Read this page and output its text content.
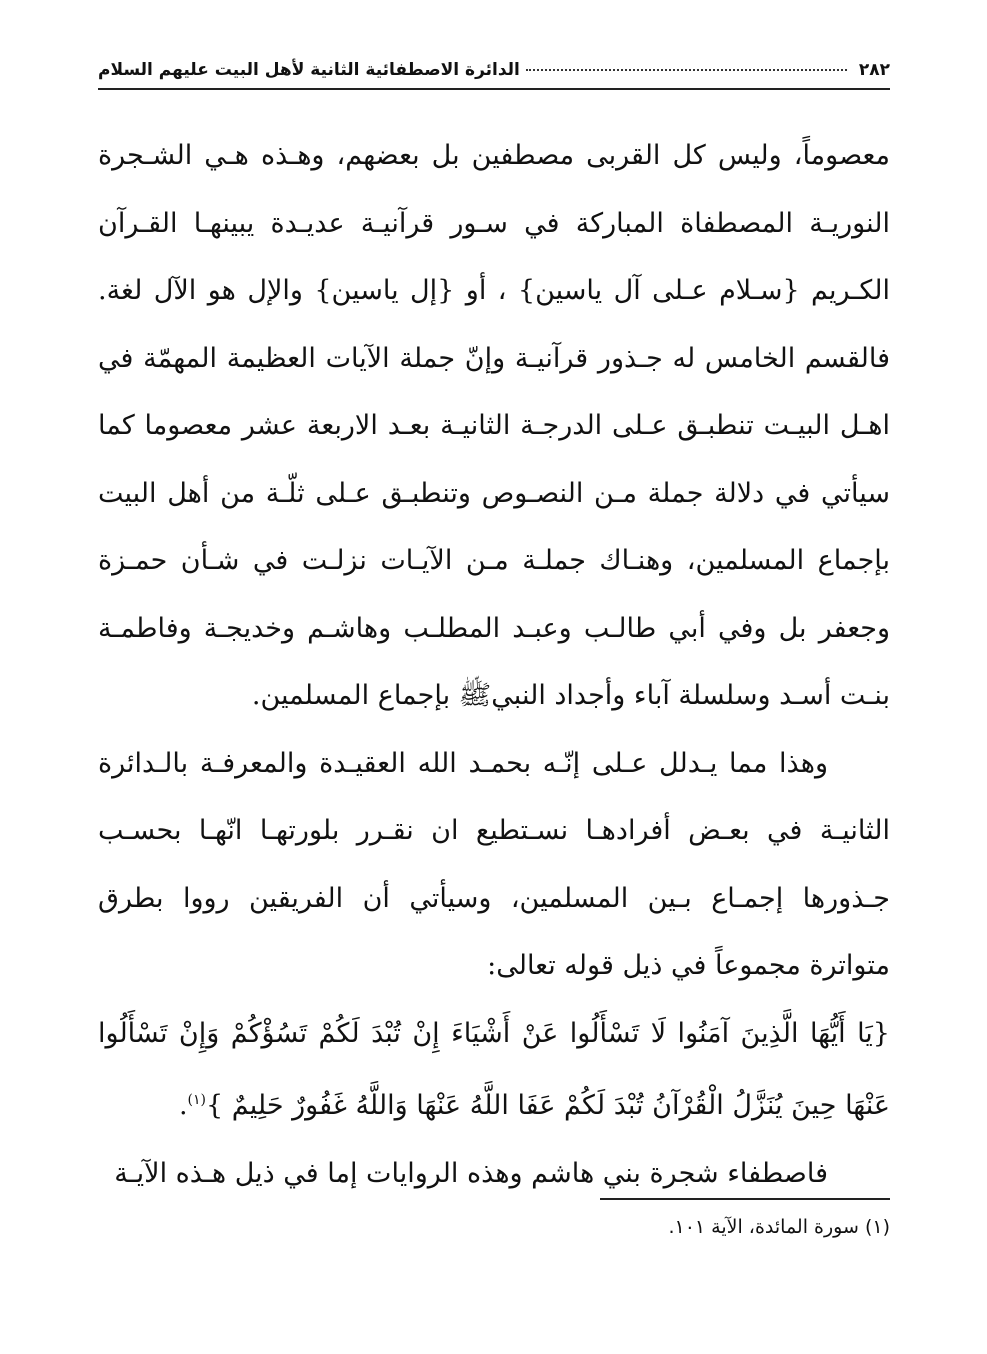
٢٨٢
الدائرة الاصطفائية الثانية لأهل البيت عليهم السلام

معصوماً، وليس كل القربى مصطفين بل بعضهم، وهـذه هـي الشـجرة النوريـة المصطفاة المباركة في سـور قرآنيـة عديـدة يبينهـا القـرآن الكـريم {سـلام عـلى آل ياسين} ، أو {إل ياسين} والإل هو الآل لغة. فالقسم الخامس له جـذور قرآنيـة وإنّ جملة الآيات العظيمة المهمّة في اهـل البيـت تنطبـق عـلى الدرجـة الثانيـة بعـد الاربعة عشر معصوما كما سيأتي في دلالة جملة مـن النصـوص وتنطبـق عـلى ثلّـة من أهل البيت بإجماع المسلمين، وهنـاك جملـة مـن الآيـات نزلـت في شـأن حمـزة وجعفر بل وفي أبي طالـب وعبـد المطلـب وهاشـم وخديجـة وفاطمـة بنـت أسـد وسلسلة آباء وأجداد النبيﷺ بإجماع المسلمين.

وهذا مما يـدلل عـلى إنّـه بحمـد الله العقيـدة والمعرفـة بالـدائرة الثانيـة في بعـض أفرادهـا نسـتطيع ان نقـرر بلورتهـا انّهـا بحسـب جـذورها إجمـاع بـين المسلمين، وسيأتي أن الفريقين رووا بطرق متواترة مجموعاً في ذيل قوله تعالى:

{يَا أَيُّهَا الَّذِينَ آمَنُوا لَا تَسْأَلُوا عَنْ أَشْيَاءَ إِنْ تُبْدَ لَكُمْ تَسُؤْكُمْ وَإِنْ تَسْأَلُوا عَنْهَا حِينَ يُنَزَّلُ الْقُرْآنُ تُبْدَ لَكُمْ عَفَا اللَّهُ عَنْهَا وَاللَّهُ غَفُورٌ حَلِيمٌ }$^{(١)}$.

فاصطفاء شجرة بني هاشم وهذه الروايات إما في ذيل هـذه الآيـة

(١) سورة المائدة، الآية ١٠١.
